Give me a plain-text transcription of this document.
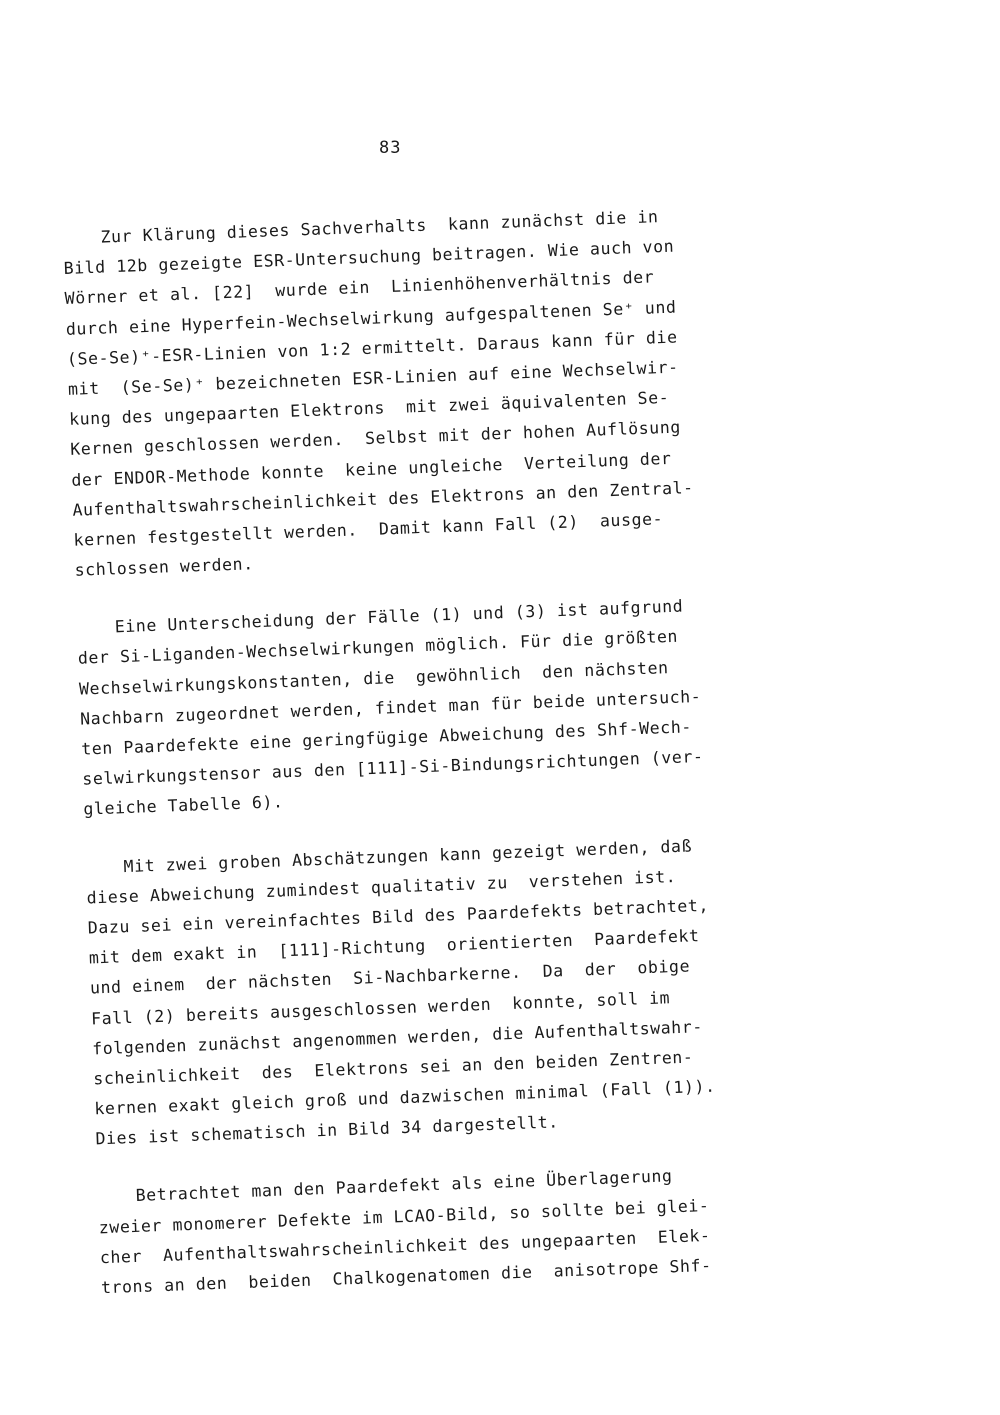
83
Zur Klärung dieses Sachverhalts  kann zunächst die in
Bild 12b gezeigte ESR-Untersuchung beitragen. Wie auch von
Wörner et al. [22]  wurde ein  Linienhöhenverhältnis der
durch eine Hyperfein-Wechselwirkung aufgespaltenen Se⁺ und
(Se-Se)⁺-ESR-Linien von 1:2 ermittelt. Daraus kann für die
mit  (Se-Se)⁺ bezeichneten ESR-Linien auf eine Wechselwir-
kung des ungepaarten Elektrons  mit zwei äquivalenten Se-
Kernen geschlossen werden.  Selbst mit der hohen Auflösung
der ENDOR-Methode konnte  keine ungleiche  Verteilung der
Aufenthaltswahrscheinlichkeit des Elektrons an den Zentral-
kernen festgestellt werden.  Damit kann Fall (2)  ausge-
schlossen werden.
Eine Unterscheidung der Fälle (1) und (3) ist aufgrund
der Si-Liganden-Wechselwirkungen möglich. Für die größten
Wechselwirkungskonstanten, die  gewöhnlich  den nächsten
Nachbarn zugeordnet werden, findet man für beide untersuch-
ten Paardefekte eine geringfügige Abweichung des Shf-Wech-
selwirkungstensor aus den [111]-Si-Bindungsrichtungen (ver-
gleiche Tabelle 6).
Mit zwei groben Abschätzungen kann gezeigt werden, daß
diese Abweichung zumindest qualitativ zu  verstehen ist.
Dazu sei ein vereinfachtes Bild des Paardefekts betrachtet,
mit dem exakt in  [111]-Richtung  orientierten  Paardefekt
und einem  der nächsten  Si-Nachbarkerne.  Da  der  obige
Fall (2) bereits ausgeschlossen werden  konnte, soll im
folgenden zunächst angenommen werden, die Aufenthaltswahr-
scheinlichkeit  des  Elektrons sei an den beiden Zentren-
kernen exakt gleich groß und dazwischen minimal (Fall (1)).
Dies ist schematisch in Bild 34 dargestellt.
Betrachtet man den Paardefekt als eine Überlagerung
zweier monomerer Defekte im LCAO-Bild, so sollte bei glei-
cher  Aufenthaltswahrscheinlichkeit des ungepaarten  Elek-
trons an den  beiden  Chalkogenatomen die  anisotrope Shf-
